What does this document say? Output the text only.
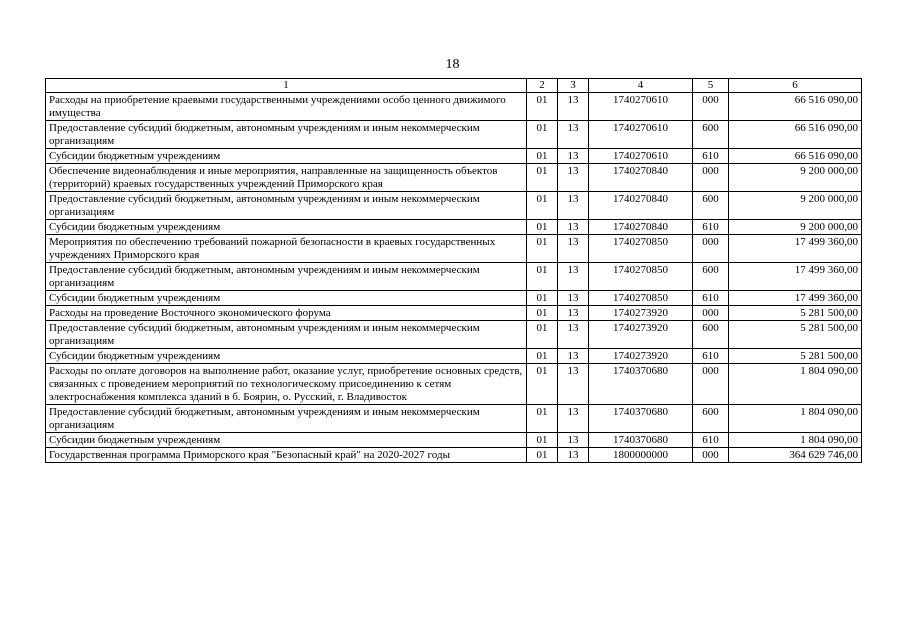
18
1	2	3	4	5	6
Расходы на приобретение краевыми государственными учреждениями особо ценного движимого имущества	01	13	1740270610	000	66 516 090,00
Предоставление субсидий бюджетным, автономным учреждениям и иным некоммерческим организациям	01	13	1740270610	600	66 516 090,00
Субсидии бюджетным учреждениям	01	13	1740270610	610	66 516 090,00
Обеспечение видеонаблюдения и иные мероприятия, направленные на защищенность объектов (территорий) краевых государственных учреждений Приморского края	01	13	1740270840	000	9 200 000,00
Предоставление субсидий бюджетным, автономным учреждениям и иным некоммерческим организациям	01	13	1740270840	600	9 200 000,00
Субсидии бюджетным учреждениям	01	13	1740270840	610	9 200 000,00
Мероприятия по обеспечению требований пожарной безопасности в краевых государственных учреждениях Приморского края	01	13	1740270850	000	17 499 360,00
Предоставление субсидий бюджетным, автономным учреждениям и иным некоммерческим организациям	01	13	1740270850	600	17 499 360,00
Субсидии бюджетным учреждениям	01	13	1740270850	610	17 499 360,00
Расходы на проведение Восточного экономического форума	01	13	1740273920	000	5 281 500,00
Предоставление субсидий бюджетным, автономным учреждениям и иным некоммерческим организациям	01	13	1740273920	600	5 281 500,00
Субсидии бюджетным учреждениям	01	13	1740273920	610	5 281 500,00
Расходы по оплате договоров на выполнение работ, оказание услуг, приобретение основных средств, связанных с проведением мероприятий по технологическому присоединению к сетям электроснабжения комплекса зданий в б. Боярин, о. Русский, г. Владивосток	01	13	1740370680	000	1 804 090,00
Предоставление субсидий бюджетным, автономным учреждениям и иным некоммерческим организациям	01	13	1740370680	600	1 804 090,00
Субсидии бюджетным учреждениям	01	13	1740370680	610	1 804 090,00
Государственная программа Приморского края "Безопасный край" на 2020-2027 годы	01	13	1800000000	000	364 629 746,00
